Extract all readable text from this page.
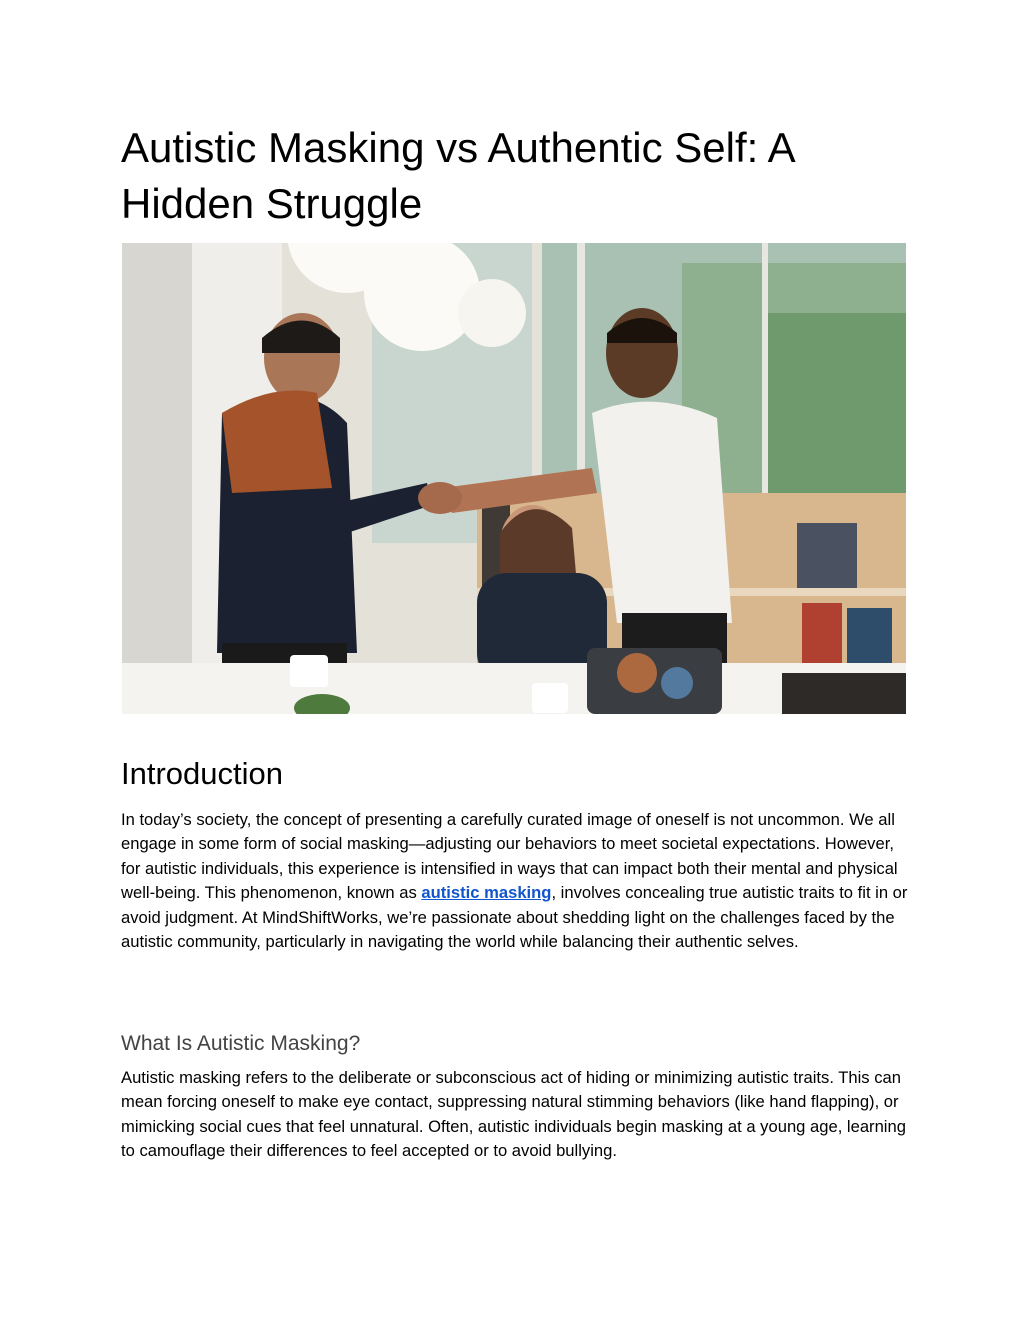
Autistic Masking vs Authentic Self: A Hidden Struggle
Introduction

In today’s society, the concept of presenting a carefully curated image of oneself is not uncommon. We all engage in some form of social masking—adjusting our behaviors to meet societal expectations. However, for autistic individuals, this experience is intensified in ways that can impact both their mental and physical well-being. This phenomenon, known as autistic masking, involves concealing true autistic traits to fit in or avoid judgment. At MindShiftWorks, we’re passionate about shedding light on the challenges faced by the autistic community, particularly in navigating the world while balancing their authentic selves.

What Is Autistic Masking?

Autistic masking refers to the deliberate or subconscious act of hiding or minimizing autistic traits. This can mean forcing oneself to make eye contact, suppressing natural stimming behaviors (like hand flapping), or mimicking social cues that feel unnatural. Often, autistic individuals begin masking at a young age, learning to camouflage their differences to feel accepted or to avoid bullying.
